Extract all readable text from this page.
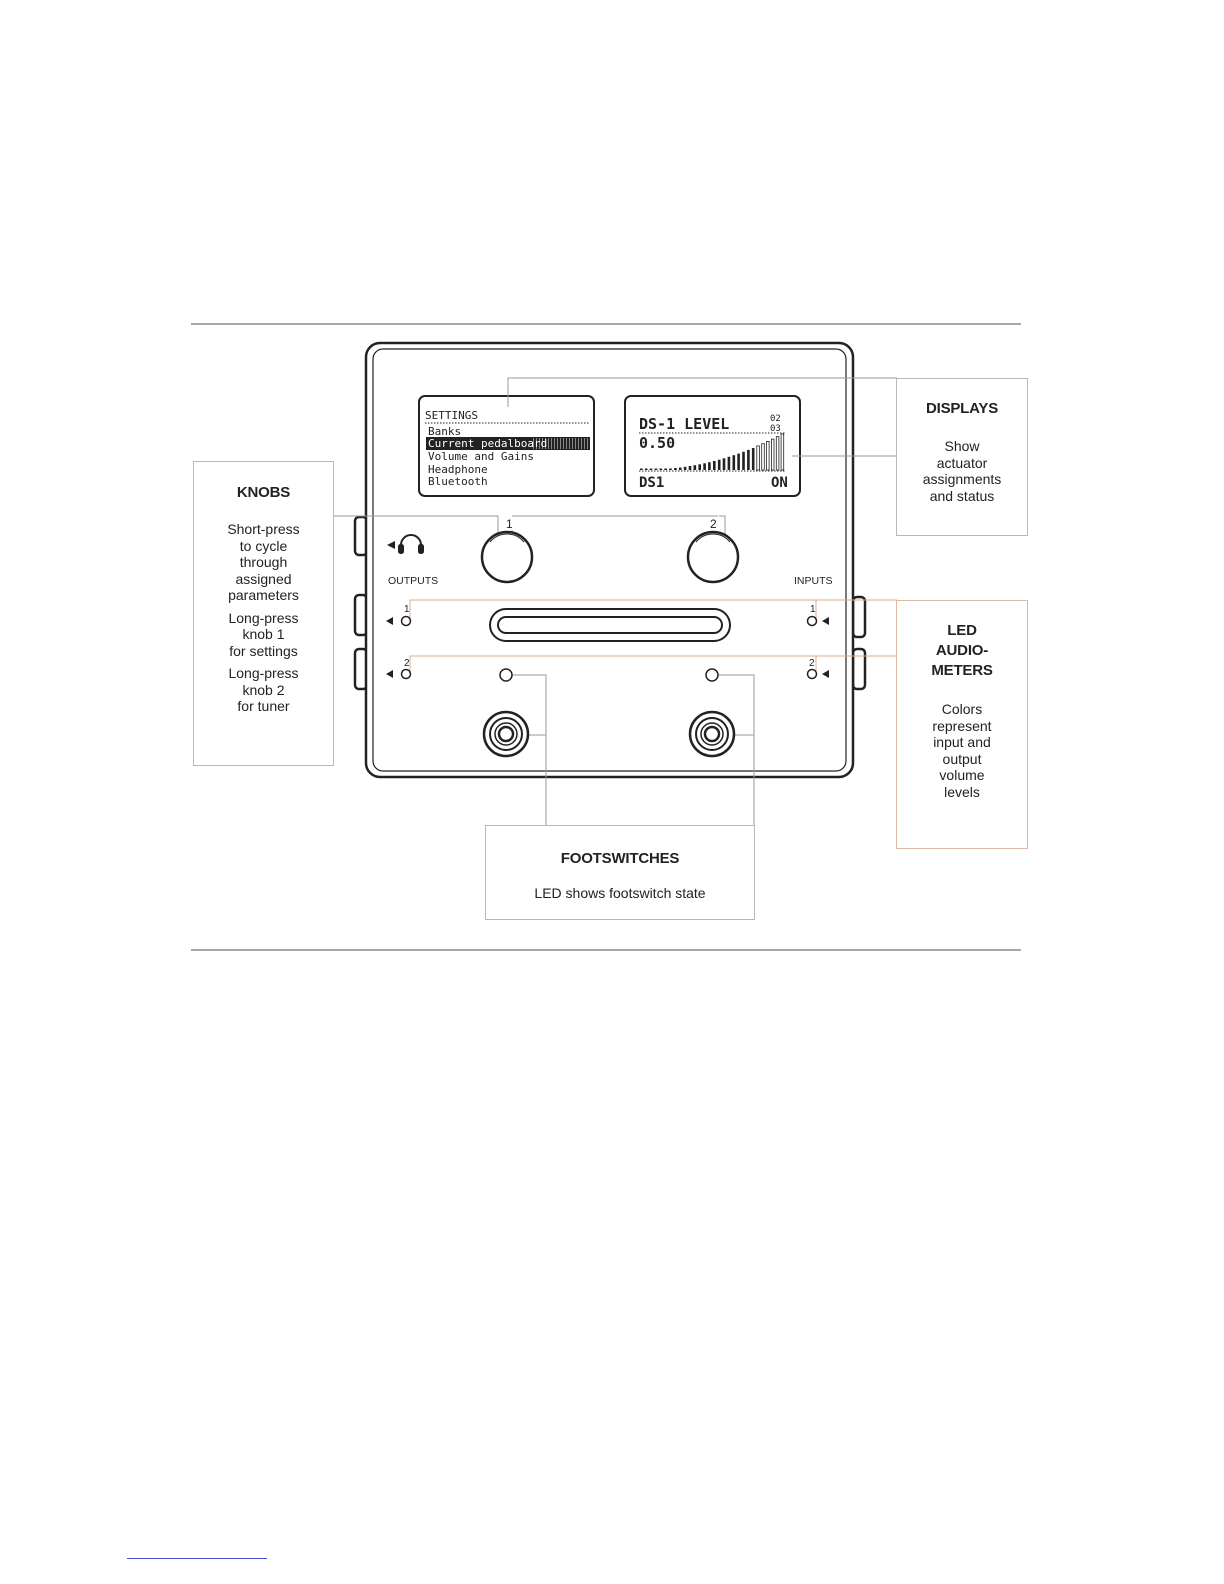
SETTINGS
Banks
Current pedalboard
Volume and Gains
Headphone
Bluetooth
DS-1 LEVEL	02
03
0.50
DS1	ON
1	2
OUTPUTS	INPUTS
1
2
1
2
DISPLAYS
Show
actuator
assignments
and status
KNOBS

Short-press
to cycle
through
assigned
parameters

Long-press
knob 1
for settings

Long-press
knob 2
for tuner

LED
AUDIO-
METERS
Colors
represent
input and
output
volume
levels
FOOTSWITCHES
LED shows footswitch state
